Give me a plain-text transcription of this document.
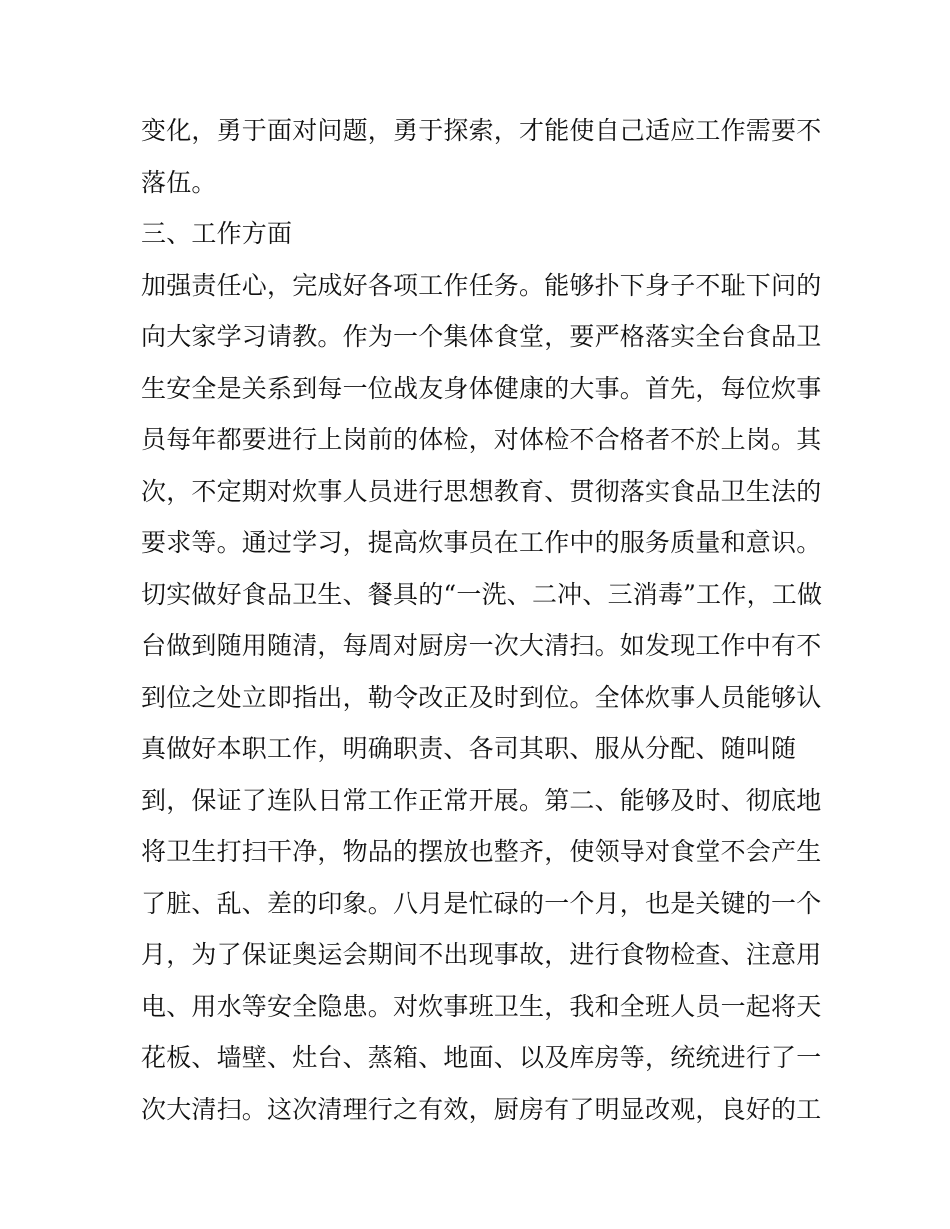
变化，勇于面对问题，勇于探索，才能使自己适应工作需要不
落伍。
三、工作方面
加强责任心，完成好各项工作任务。能够扑下身子不耻下问的
向大家学习请教。作为一个集体食堂，要严格落实全台食品卫
生安全是关系到每一位战友身体健康的大事。首先，每位炊事
员每年都要进行上岗前的体检，对体检不合格者不於上岗。其
次，不定期对炊事人员进行思想教育、贯彻落实食品卫生法的
要求等。通过学习，提高炊事员在工作中的服务质量和意识。
切实做好食品卫生、餐具的“一洗、二冲、三消毒”工作，工做
台做到随用随清，每周对厨房一次大清扫。如发现工作中有不
到位之处立即指出，勒令改正及时到位。全体炊事人员能够认
真做好本职工作，明确职责、各司其职、服从分配、随叫随
到，保证了连队日常工作正常开展。第二、能够及时、彻底地
将卫生打扫干净，物品的摆放也整齐，使领导对食堂不会产生
了脏、乱、差的印象。八月是忙碌的一个月，也是关键的一个
月，为了保证奥运会期间不出现事故，进行食物检查、注意用
电、用水等安全隐患。对炊事班卫生，我和全班人员一起将天
花板、墙壁、灶台、蒸箱、地面、以及库房等，统统进行了一
次大清扫。这次清理行之有效，厨房有了明显改观，良好的工
